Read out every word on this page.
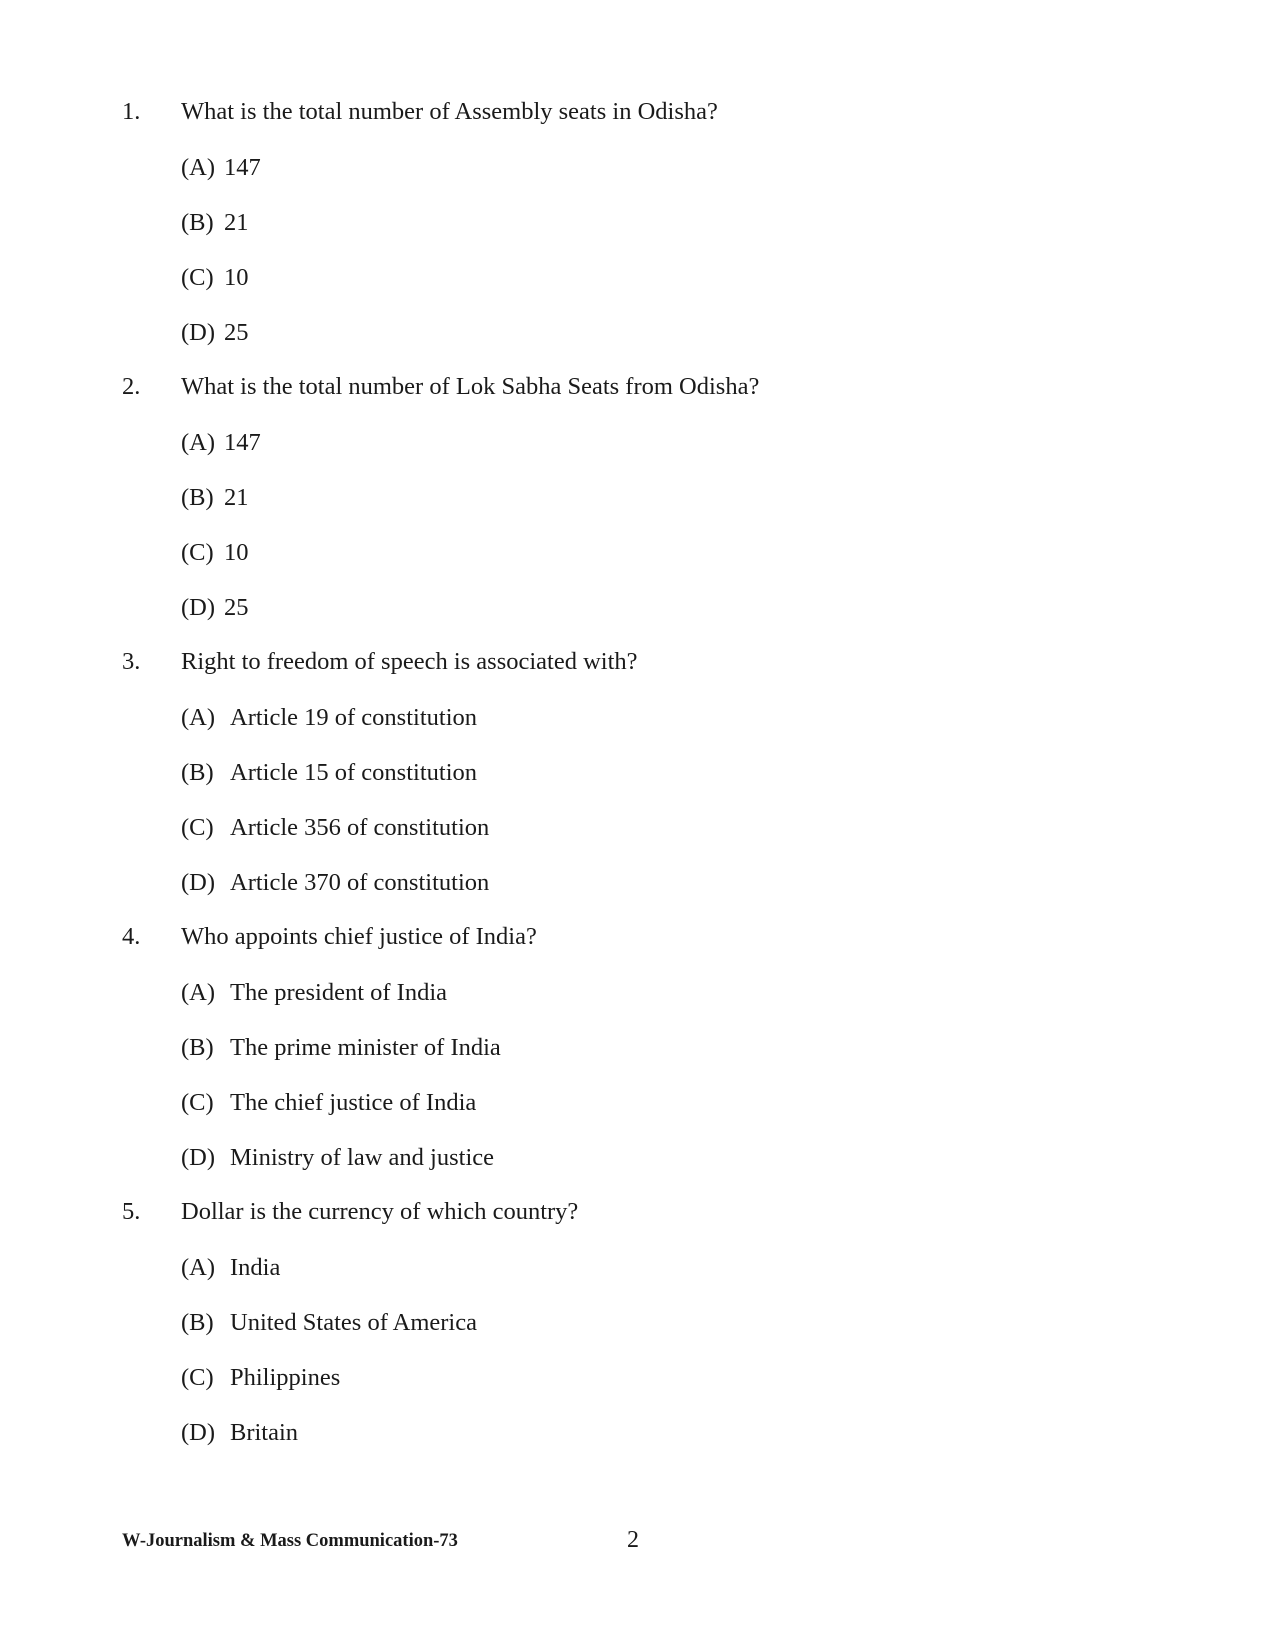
1. What is the total number of Assembly seats in Odisha?
(A) 147
(B) 21
(C) 10
(D) 25
2. What is the total number of Lok Sabha Seats from Odisha?
(A) 147
(B) 21
(C) 10
(D) 25
3. Right to freedom of speech is associated with?
(A) Article 19 of constitution
(B) Article 15 of constitution
(C) Article 356 of constitution
(D) Article 370 of constitution
4. Who appoints chief justice of India?
(A) The president of India
(B) The prime minister of India
(C) The chief justice of India
(D) Ministry of law and justice
5. Dollar is the currency of which country?
(A) India
(B) United States of America
(C) Philippines
(D) Britain
W-Journalism & Mass Communication-73	2
